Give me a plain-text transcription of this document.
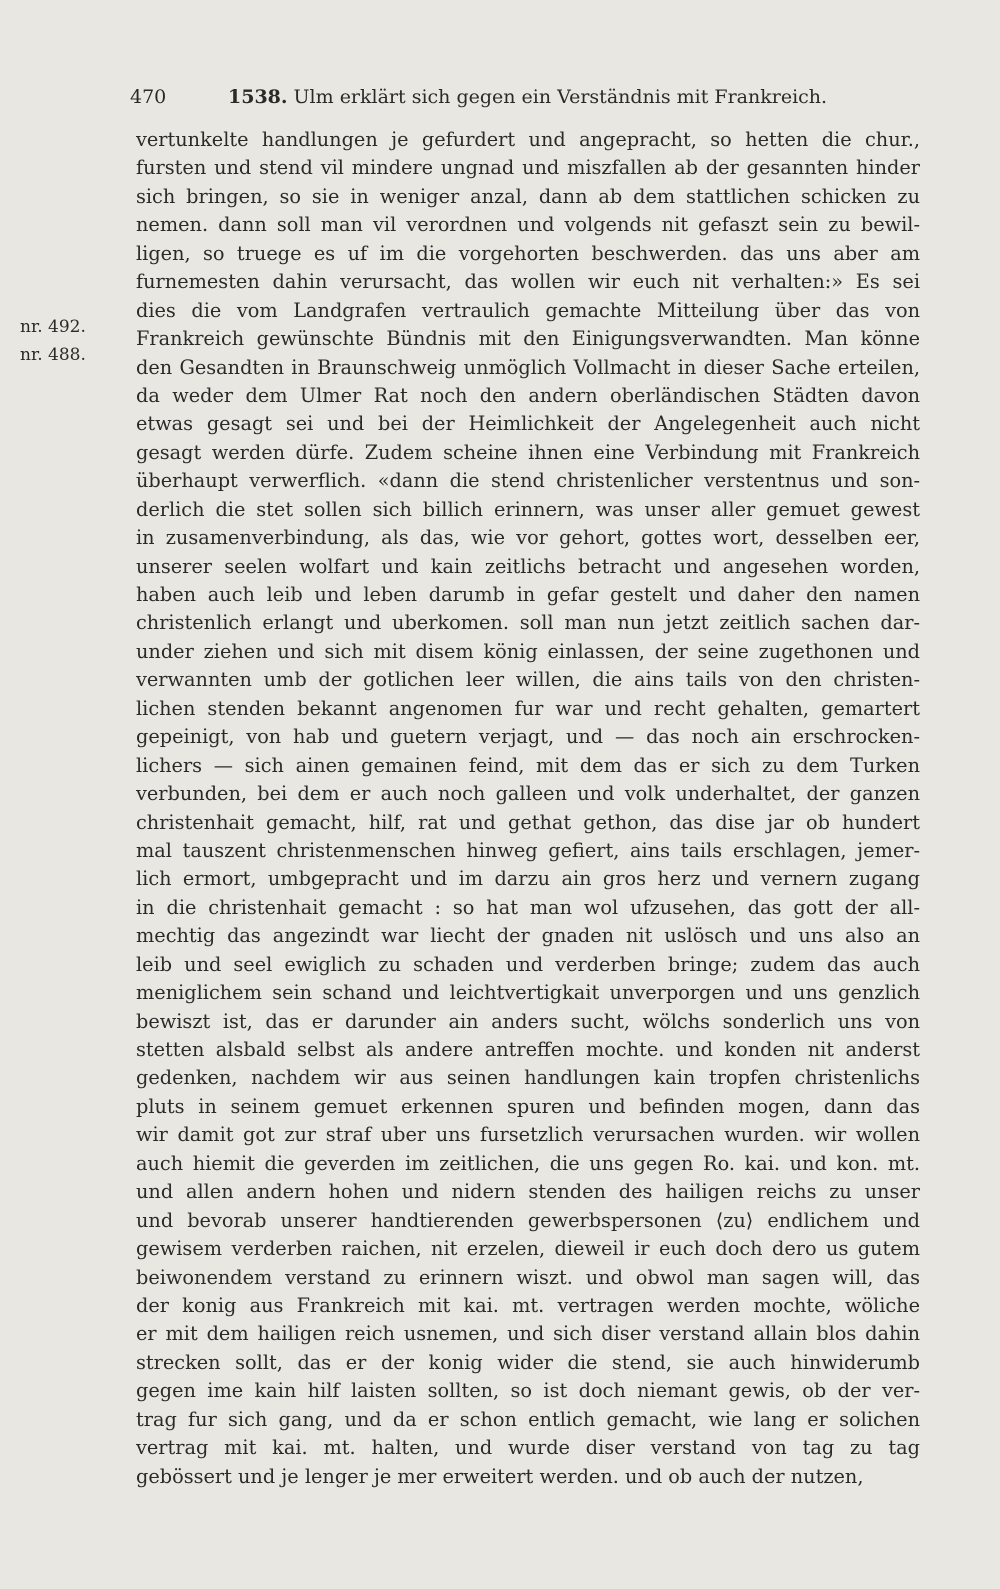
470	1538. Ulm erklärt sich gegen ein Verständnis mit Frankreich.
nr. 492.
nr. 488.
vertunkelte handlungen je gefurdert und angepracht, so hetten die chur.,
fursten und stend vil mindere ungnad und miszfallen ab der gesannten hinder
sich bringen, so sie in weniger anzal, dann ab dem stattlichen schicken zu
nemen. dann soll man vil verordnen und volgends nit gefaszt sein zu bewil-
ligen, so truege es uf im die vorgehorten beschwerden. das uns aber am
furnemesten dahin verursacht, das wollen wir euch nit verhalten:» Es sei
dies die vom Landgrafen vertraulich gemachte Mitteilung über das von
Frankreich gewünschte Bündnis mit den Einigungsverwandten. Man könne
den Gesandten in Braunschweig unmöglich Vollmacht in dieser Sache erteilen,
da weder dem Ulmer Rat noch den andern oberländischen Städten davon
etwas gesagt sei und bei der Heimlichkeit der Angelegenheit auch nicht
gesagt werden dürfe. Zudem scheine ihnen eine Verbindung mit Frankreich
überhaupt verwerflich. «dann die stend christenlicher verstentnus und son-
derlich die stet sollen sich billich erinnern, was unser aller gemuet gewest
in zusamenverbindung, als das, wie vor gehort, gottes wort, desselben eer,
unserer seelen wolfart und kain zeitlichs betracht und angesehen worden,
haben auch leib und leben darumb in gefar gestelt und daher den namen
christenlich erlangt und uberkomen. soll man nun jetzt zeitlich sachen dar-
under ziehen und sich mit disem könig einlassen, der seine zugethonen und
verwannten umb der gotlichen leer willen, die ains tails von den christen-
lichen stenden bekannt angenomen fur war und recht gehalten, gemartert
gepeinigt, von hab und guetern verjagt, und — das noch ain erschrocken-
lichers — sich ainen gemainen feind, mit dem das er sich zu dem Turken
verbunden, bei dem er auch noch galleen und volk underhaltet, der ganzen
christenhait gemacht, hilf, rat und gethat gethon, das dise jar ob hundert
mal tauszent christenmenschen hinweg gefiert, ains tails erschlagen, jemer-
lich ermort, umbgepracht und im darzu ain gros herz und vernern zugang
in die christenhait gemacht : so hat man wol ufzusehen, das gott der all-
mechtig das angezindt war liecht der gnaden nit uslösch und uns also an
leib und seel ewiglich zu schaden und verderben bringe; zudem das auch
meniglichem sein schand und leichtvertigkait unverporgen und uns genzlich
bewiszt ist, das er darunder ain anders sucht, wölchs sonderlich uns von
stetten alsbald selbst als andere antreffen mochte. und konden nit anderst
gedenken, nachdem wir aus seinen handlungen kain tropfen christenlichs
pluts in seinem gemuet erkennen spuren und befinden mogen, dann das
wir damit got zur straf uber uns fursetzlich verursachen wurden. wir wollen
auch hiemit die geverden im zeitlichen, die uns gegen Ro. kai. und kon. mt.
und allen andern hohen und nidern stenden des hailigen reichs zu unser
und bevorab unserer handtierenden gewerbspersonen ⟨zu⟩ endlichem und
gewisem verderben raichen, nit erzelen, dieweil ir euch doch dero us gutem
beiwonendem verstand zu erinnern wiszt. und obwol man sagen will, das
der konig aus Frankreich mit kai. mt. vertragen werden mochte, wöliche
er mit dem hailigen reich usnemen, und sich diser verstand allain blos dahin
strecken sollt, das er der konig wider die stend, sie auch hinwiderumb
gegen ime kain hilf laisten sollten, so ist doch niemant gewis, ob der ver-
trag fur sich gang, und da er schon entlich gemacht, wie lang er solichen
vertrag mit kai. mt. halten, und wurde diser verstand von tag zu tag
gebössert und je lenger je mer erweitert werden. und ob auch der nutzen,
